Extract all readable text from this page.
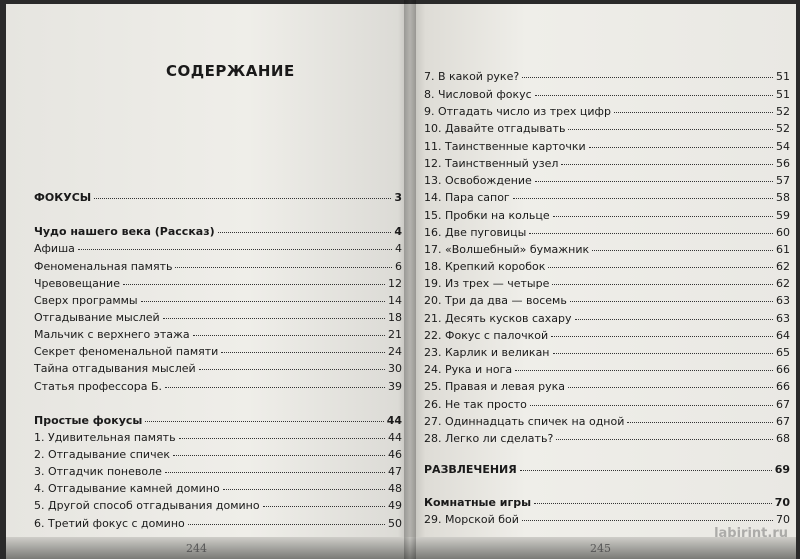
СОДЕРЖАНИЕ
ФОКУСЫ	3
Чудо нашего века (Рассказ)	4
Афиша	4
Феноменальная память	6
Чревовещание	12
Сверх программы	14
Отгадывание мыслей	18
Мальчик с верхнего этажа	21
Секрет феноменальной памяти	24
Тайна отгадывания мыслей	30
Статья профессора Б.	39
Простые фокусы	44
1. Удивительная память	44
2. Отгадывание спичек	46
3. Отгадчик поневоле	47
4. Отгадывание камней домино	48
5. Другой способ отгадывания домино	49
6. Третий фокус с домино	50
244
7. В какой руке?	51
8. Числовой фокус	51
9. Отгадать число из трех цифр	52
10. Давайте отгадывать	52
11. Таинственные карточки	54
12. Таинственный узел	56
13. Освобождение	57
14. Пара сапог	58
15. Пробки на кольце	59
16. Две пуговицы	60
17. «Волшебный» бумажник	61
18. Крепкий коробок	62
19. Из трех — четыре	62
20. Три да два — восемь	63
21. Десять кусков сахару	63
22. Фокус с палочкой	64
23. Карлик и великан	65
24. Рука и нога	66
25. Правая и левая рука	66
26. Не так просто	67
27. Одиннадцать спичек на одной	67
28. Легко ли сделать?	68
РАЗВЛЕЧЕНИЯ	69
Комнатные игры	70
29. Морской бой	70
245
labirint.ru
